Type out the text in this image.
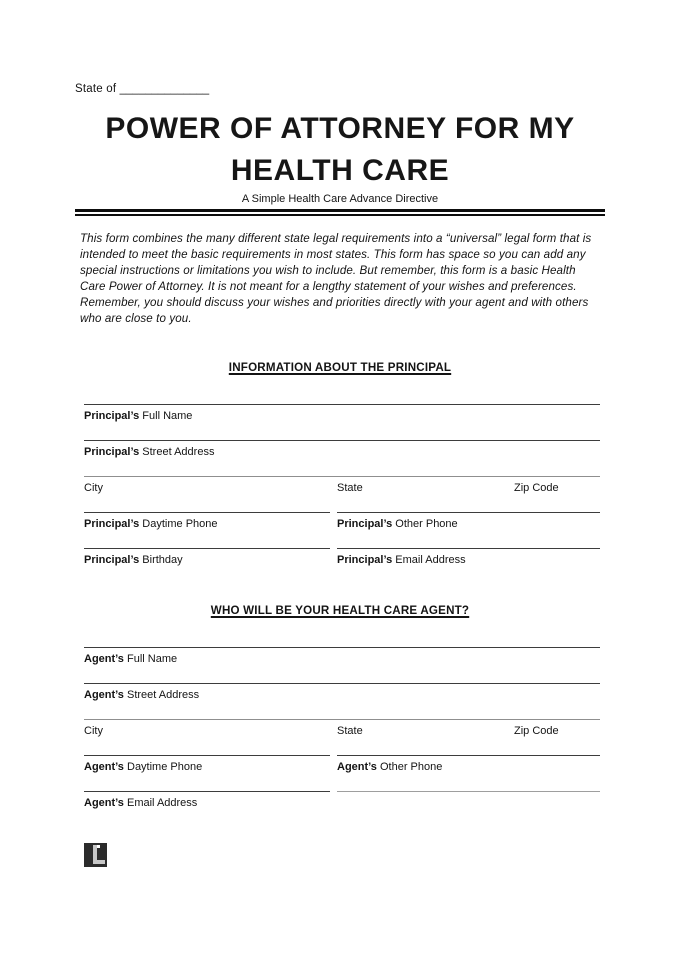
State of ______________
POWER OF ATTORNEY FOR MY HEALTH CARE
A Simple Health Care Advance Directive

This form combines the many different state legal requirements into a “universal” legal form that is intended to meet the basic requirements in most states. This form has space so you can add any special instructions or limitations you wish to include. But remember, this form is a basic Health Care Power of Attorney. It is not meant for a lengthy statement of your wishes and preferences. Remember, you should discuss your wishes and priorities directly with your agent and with others who are close to you.

INFORMATION ABOUT THE PRINCIPAL
Principal’s Full Name
Principal’s Street Address
City	State	Zip Code
Principal’s Daytime Phone	Principal’s Other Phone
Principal’s Birthday	Principal’s Email Address
WHO WILL BE YOUR HEALTH CARE AGENT?
Agent’s Full Name
Agent’s Street Address
City	State	Zip Code
Agent’s Daytime Phone	Agent’s Other Phone
Agent’s Email Address
